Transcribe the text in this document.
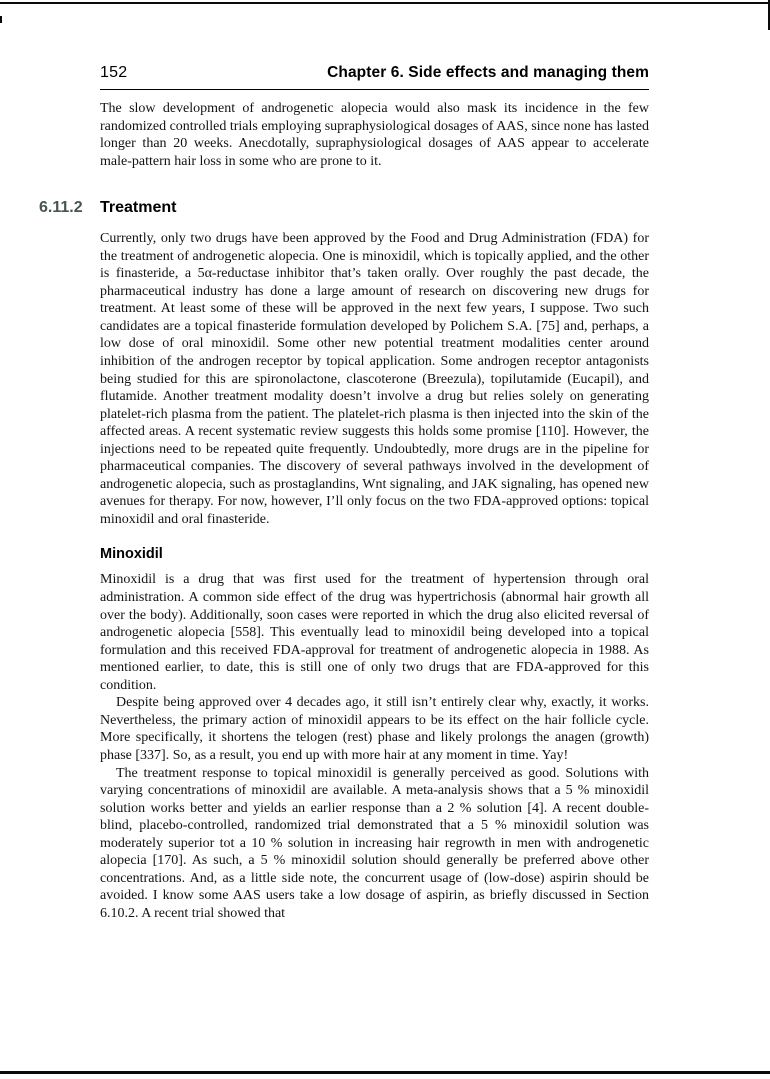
152	Chapter 6. Side effects and managing them

The slow development of androgenetic alopecia would also mask its incidence in the few randomized controlled trials employing supraphysiological dosages of AAS, since none has lasted longer than 20 weeks. Anecdotally, supraphysiological dosages of AAS appear to accelerate male-pattern hair loss in some who are prone to it.

6.11.2 Treatment

Currently, only two drugs have been approved by the Food and Drug Administration (FDA) for the treatment of androgenetic alopecia. One is minoxidil, which is topically applied, and the other is finasteride, a 5α-reductase inhibitor that’s taken orally. Over roughly the past decade, the pharmaceutical industry has done a large amount of research on discovering new drugs for treatment. At least some of these will be approved in the next few years, I suppose. Two such candidates are a topical finasteride formulation developed by Polichem S.A. [75] and, perhaps, a low dose of oral minoxidil. Some other new potential treatment modalities center around inhibition of the androgen receptor by topical application. Some androgen receptor antagonists being studied for this are spironolactone, clascoterone (Breezula), topilutamide (Eucapil), and flutamide. Another treatment modality doesn’t involve a drug but relies solely on generating platelet-rich plasma from the patient. The platelet-rich plasma is then injected into the skin of the affected areas. A recent systematic review suggests this holds some promise [110]. However, the injections need to be repeated quite frequently. Undoubtedly, more drugs are in the pipeline for pharmaceutical companies. The discovery of several pathways involved in the development of androgenetic alopecia, such as prostaglandins, Wnt signaling, and JAK signaling, has opened new avenues for therapy. For now, however, I’ll only focus on the two FDA-approved options: topical minoxidil and oral finasteride.

Minoxidil

Minoxidil is a drug that was first used for the treatment of hypertension through oral administration. A common side effect of the drug was hypertrichosis (abnormal hair growth all over the body). Additionally, soon cases were reported in which the drug also elicited reversal of androgenetic alopecia [558]. This eventually lead to minoxidil being developed into a topical formulation and this received FDA-approval for treatment of androgenetic alopecia in 1988. As mentioned earlier, to date, this is still one of only two drugs that are FDA-approved for this condition.

Despite being approved over 4 decades ago, it still isn’t entirely clear why, exactly, it works. Nevertheless, the primary action of minoxidil appears to be its effect on the hair follicle cycle. More specifically, it shortens the telogen (rest) phase and likely prolongs the anagen (growth) phase [337]. So, as a result, you end up with more hair at any moment in time. Yay!

The treatment response to topical minoxidil is generally perceived as good. Solutions with varying concentrations of minoxidil are available. A meta-analysis shows that a 5 % minoxidil solution works better and yields an earlier response than a 2 % solution [4]. A recent double-blind, placebo-controlled, randomized trial demonstrated that a 5 % minoxidil solution was moderately superior tot a 10 % solution in increasing hair regrowth in men with androgenetic alopecia [170]. As such, a 5 % minoxidil solution should generally be preferred above other concentrations. And, as a little side note, the concurrent usage of (low-dose) aspirin should be avoided. I know some AAS users take a low dosage of aspirin, as briefly discussed in Section 6.10.2. A recent trial showed that
